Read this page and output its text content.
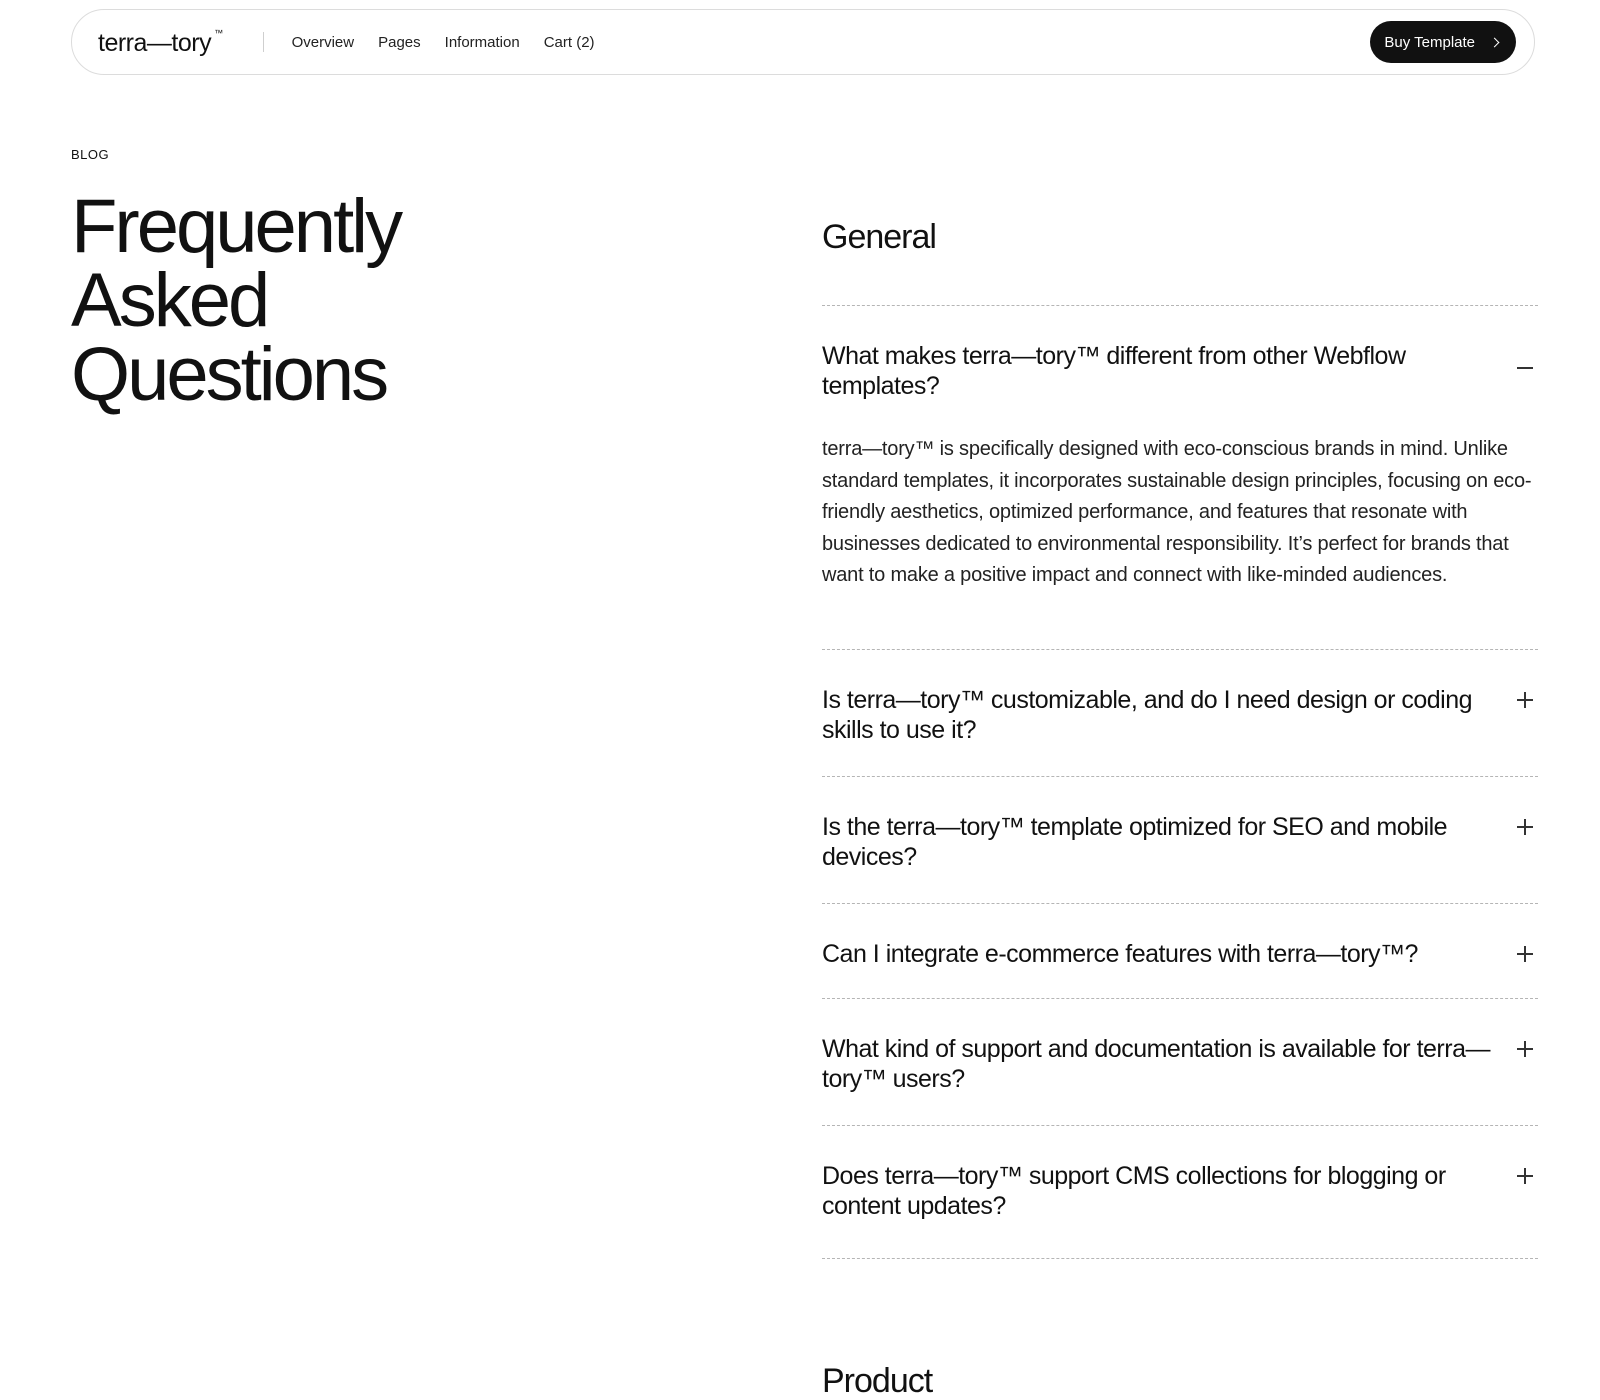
terra—tory ™
Overview Pages Information Cart (2)	Buy Template
BLOG
Frequently
Asked
Questions
General
What makes terra—tory™ different from other Webflow templates?

terra—tory™ is specifically designed with eco-conscious brands in mind. Unlike standard templates, it incorporates sustainable design principles, focusing on eco-friendly aesthetics, optimized performance, and features that resonate with businesses dedicated to environmental responsibility. It’s perfect for brands that want to make a positive impact and connect with like-minded audiences.

Is terra—tory™ customizable, and do I need design or coding skills to use it?
Is the terra—tory™ template optimized for SEO and mobile devices?
Can I integrate e-commerce features with terra—tory™?
What kind of support and documentation is available for terra—tory™ users?
Does terra—tory™ support CMS collections for blogging or content updates?
Product
